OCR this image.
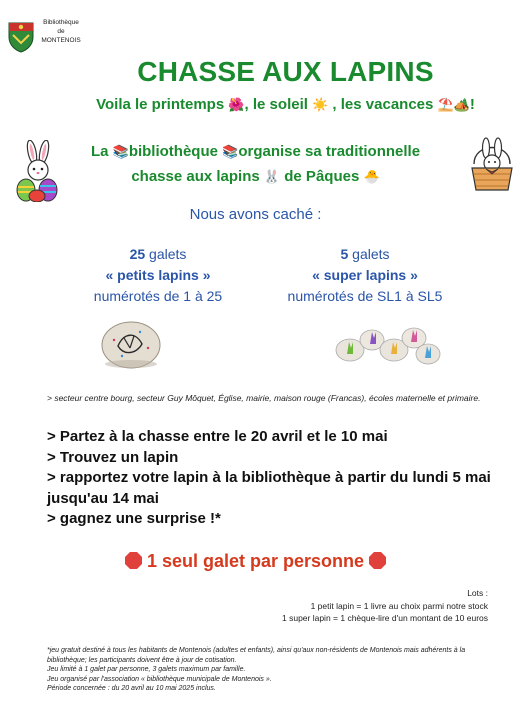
Bibliothèque
de
MONTENOIS
CHASSE AUX LAPINS
Voila le printemps 🌺, le soleil ☀️ , les vacances ⛱️🏕️!
La 📚bibliothèque 📚organise sa traditionnelle
chasse aux lapins 🐰 de Pâques 🐣
Nous avons caché :
25 galets
« petits lapins »
numérotés de 1 à 25
5 galets
« super lapins »
numérotés de SL1 à SL5
> secteur centre bourg, secteur Guy Môquet, Église, mairie, maison rouge (Francas), écoles maternelle et primaire.
> Partez à la chasse entre le 20 avril et le 10 mai
> Trouvez un lapin
> rapportez votre lapin à la bibliothèque à partir du lundi 5 mai jusqu'au 14 mai
> gagnez une surprise !*
1 seul galet par personne
Lots :
1 petit lapin = 1 livre au choix parmi notre stock
1 super lapin = 1 chèque-lire d'un montant de 10 euros
*jeu gratuit destiné à tous les habitants de Montenois (adultes et enfants), ainsi qu'aux non-résidents de Montenois mais adhérents à la bibliothèque; les participants doivent être à jour de cotisation.
Jeu limité à 1 galet par personne, 3 galets maximum par famille.
Jeu organisé par l'association « bibliothèque municipale de Montenois ».
Période concernée : du 20 avril au 10 mai 2025 inclus.
